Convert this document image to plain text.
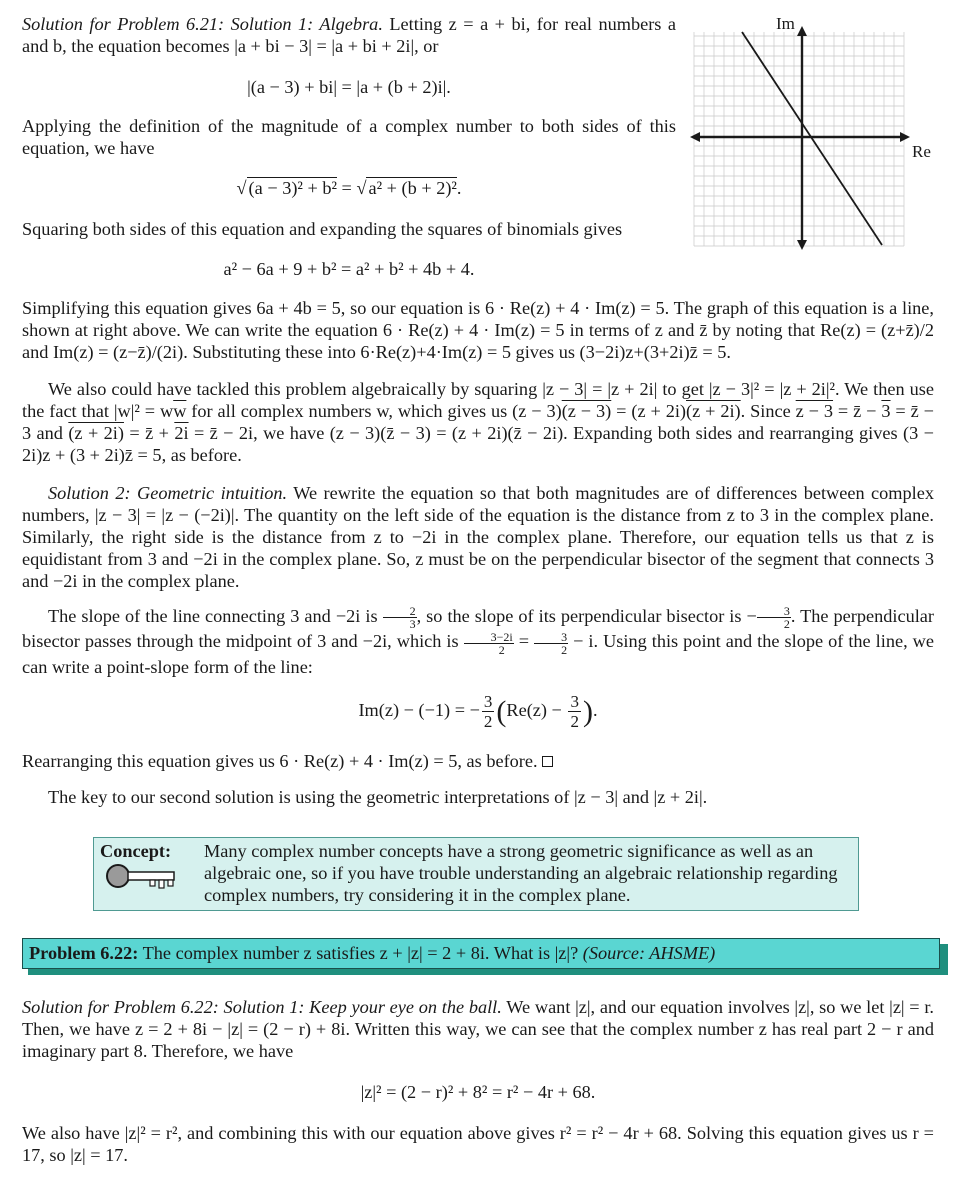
Solution for Problem 6.21: Solution 1: Algebra. Letting z = a + bi, for real numbers a and b, the equation becomes |a + bi − 3| = |a + bi + 2i|, or

|(a − 3) + bi| = |a + (b + 2)i|.

Applying the definition of the magnitude of a complex number to both sides of this equation, we have

√ (a − 3)² + b² = √ a² + (b + 2)².

Squaring both sides of this equation and expanding the squares of binomials gives

a² − 6a + 9 + b² = a² + b² + 4b + 4.

Simplifying this equation gives 6a + 4b = 5, so our equation is 6 · Re(z) + 4 · Im(z) = 5. The graph of this equation is a line, shown at right above. We can write the equation 6 · Re(z) + 4 · Im(z) = 5 in terms of z and z̄ by noting that Re(z) = (z+z̄)/2 and Im(z) = (z−z̄)/(2i). Substituting these into 6·Re(z)+4·Im(z) = 5 gives us (3−2i)z+(3+2i)z̄ = 5.

We also could have tackled this problem algebraically by squaring |z − 3| = |z + 2i| to get |z − 3|² = |z + 2i|². We then use the fact that $|w|^2 = w\overline{w}$ for all complex numbers w, which gives us (z − 3)(z − 3) = (z + 2i)(z + 2i). Since z − 3 = z̄ − 3 = z̄ − 3 and (z + 2i) = z̄ + 2i = z̄ − 2i, we have (z − 3)(z̄ − 3) = (z + 2i)(z̄ − 2i). Expanding both sides and rearranging gives (3 − 2i)z + (3 + 2i)z̄ = 5, as before.

Solution 2: Geometric intuition. We rewrite the equation so that both magnitudes are of differences between complex numbers, |z − 3| = |z − (−2i)|. The quantity on the left side of the equation is the distance from z to 3 in the complex plane. Similarly, the right side is the distance from z to −2i in the complex plane. Therefore, our equation tells us that z is equidistant from 3 and −2i in the complex plane. So, z must be on the perpendicular bisector of the segment that connects 3 and −2i in the complex plane.

The slope of the line connecting 3 and −2i is $\frac{2}{3}$ , so the slope of its perpendicular bisector is − $\frac{3}{2}$ . The perpendicular bisector passes through the midpoint of 3 and −2i, which is $\frac{3-2i}{2} = \frac{3}{2} - i$. Using this point and the slope of the line, we can write a point-slope form of the line:

Im(z) − (−1) = − $\frac{3}{2} (Re(z) - \frac{3}{2}$ ).

Rearranging this equation gives us 6 · Re(z) + 4 · Im(z) = 5, as before.

The key to our second solution is using the geometric interpretations of |z − 3| and |z + 2i|.

Im
Re
Concept: Many complex number concepts have a strong geometric significance as well as an algebraic one, so if you have trouble understanding an algebraic relationship regarding complex numbers, try considering it in the complex plane.
Problem 6.22: The complex number z satisfies z + |z| = 2 + 8i. What is |z|? (Source: AHSME)

Solution for Problem 6.22: Solution 1: Keep your eye on the ball. We want |z|, and our equation involves |z|, so we let |z| = r. Then, we have z = 2 + 8i − |z| = (2 − r) + 8i. Written this way, we can see that the complex number z has real part 2 − r and imaginary part 8. Therefore, we have

|z|² = (2 − r)² + 8² = r² − 4r + 68.

We also have |z|² = r², and combining this with our equation above gives r² = r² − 4r + 68. Solving this equation gives us r = 17, so |z| = 17.
